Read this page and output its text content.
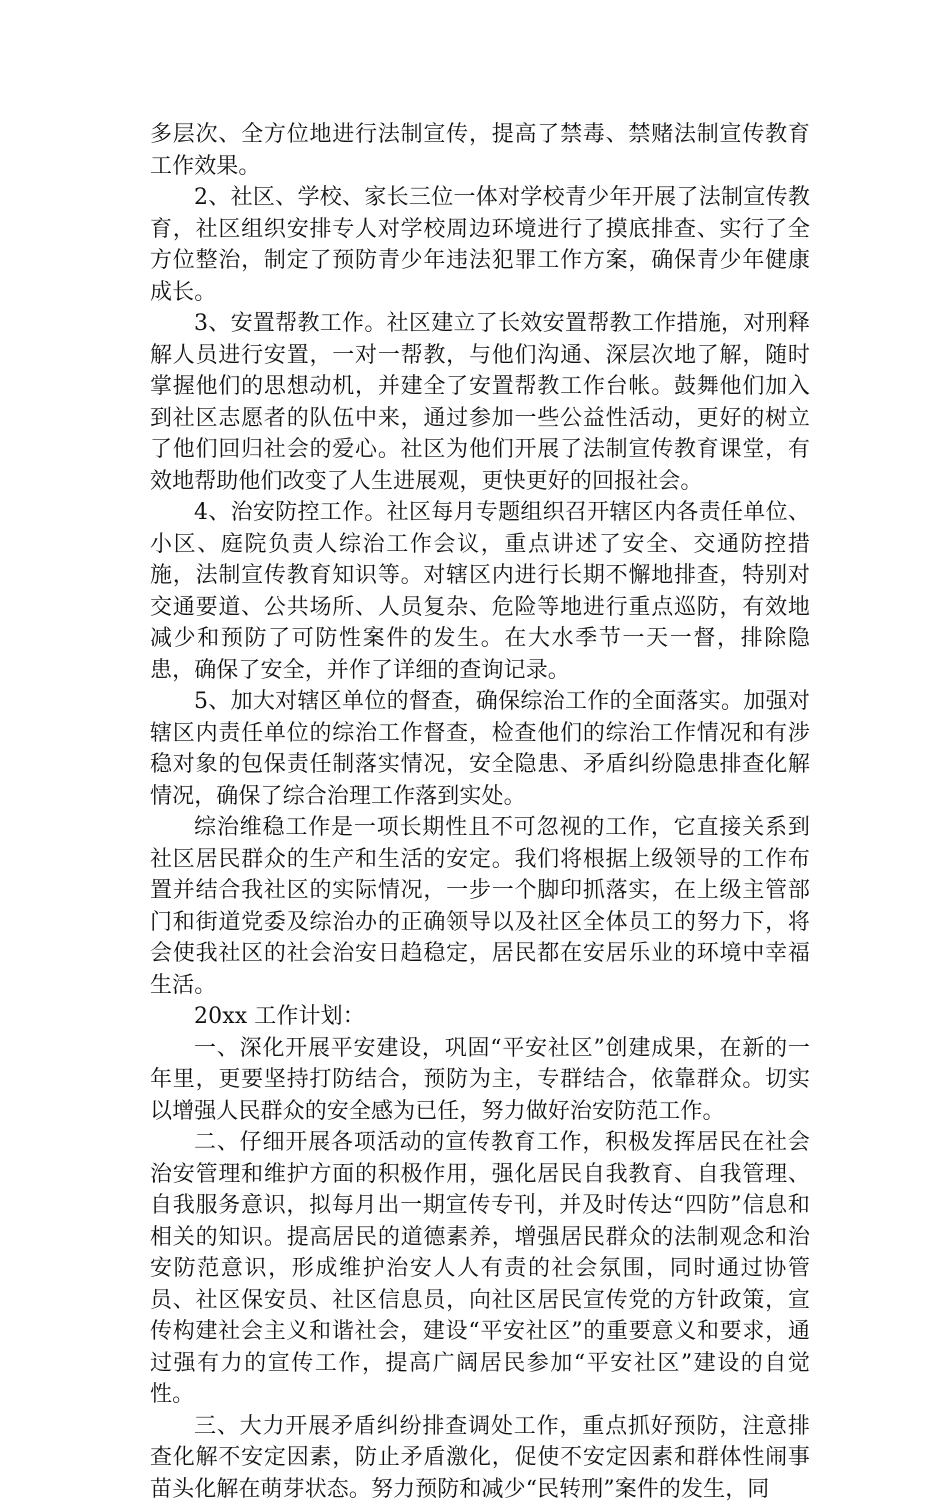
多层次、全方位地进行法制宣传，提高了禁毒、禁赌法制宣传教育工作效果。

2、社区、学校、家长三位一体对学校青少年开展了法制宣传教育，社区组织安排专人对学校周边环境进行了摸底排查、实行了全方位整治，制定了预防青少年违法犯罪工作方案，确保青少年健康成长。

3、安置帮教工作。社区建立了长效安置帮教工作措施，对刑释解人员进行安置，一对一帮教，与他们沟通、深层次地了解，随时掌握他们的思想动机，并建全了安置帮教工作台帐。鼓舞他们加入到社区志愿者的队伍中来，通过参加一些公益性活动，更好的树立了他们回归社会的爱心。社区为他们开展了法制宣传教育课堂，有效地帮助他们改变了人生进展观，更快更好的回报社会。

4、治安防控工作。社区每月专题组织召开辖区内各责任单位、小区、庭院负责人综治工作会议，重点讲述了安全、交通防控措施，法制宣传教育知识等。对辖区内进行长期不懈地排查，特别对交通要道、公共场所、人员复杂、危险等地进行重点巡防，有效地减少和预防了可防性案件的发生。在大水季节一天一督，排除隐患，确保了安全，并作了详细的查询记录。

5、加大对辖区单位的督查，确保综治工作的全面落实。加强对辖区内责任单位的综治工作督查，检查他们的综治工作情况和有涉稳对象的包保责任制落实情况，安全隐患、矛盾纠纷隐患排查化解情况，确保了综合治理工作落到实处。

综治维稳工作是一项长期性且不可忽视的工作，它直接关系到社区居民群众的生产和生活的安定。我们将根据上级领导的工作布置并结合我社区的实际情况，一步一个脚印抓落实，在上级主管部门和街道党委及综治办的正确领导以及社区全体员工的努力下，将会使我社区的社会治安日趋稳定，居民都在安居乐业的环境中幸福生活。

20xx 工作计划：

一、深化开展平安建设，巩固“平安社区”创建成果，在新的一年里，更要坚持打防结合，预防为主，专群结合，依靠群众。切实以增强人民群众的安全感为已任，努力做好治安防范工作。

二、仔细开展各项活动的宣传教育工作，积极发挥居民在社会治安管理和维护方面的积极作用，强化居民自我教育、自我管理、自我服务意识，拟每月出一期宣传专刊，并及时传达“四防”信息和相关的知识。提高居民的道德素养，增强居民群众的法制观念和治安防范意识，形成维护治安人人有责的社会氛围，同时通过协管员、社区保安员、社区信息员，向社区居民宣传党的方针政策，宣传构建社会主义和谐社会，建设“平安社区”的重要意义和要求，通过强有力的宣传工作，提高广阔居民参加“平安社区”建设的自觉性。

三、大力开展矛盾纠纷排查调处工作，重点抓好预防，注意排查化解不安定因素，防止矛盾激化，促使不安定因素和群体性闹事苗头化解在萌芽状态。努力预防和减少“民转刑”案件的发生，同
